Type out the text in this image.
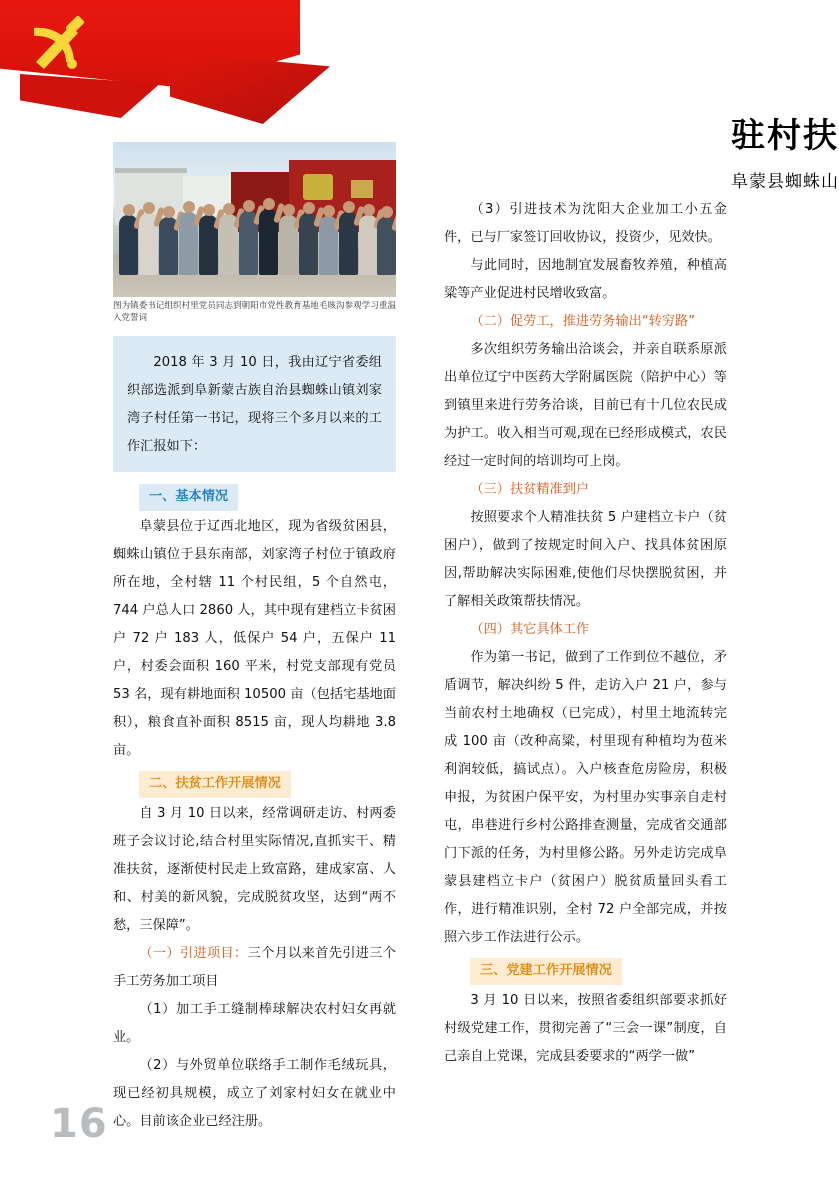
驻村扶
阜蒙县蜘蛛山
图为镇委书记组织村里党员同志到朝阳市党性教育基地毛咳沟参观学习重温入党誓词

2018 年 3 月 10 日，我由辽宁省委组织部选派到阜新蒙古族自治县蜘蛛山镇刘家湾子村任第一书记，现将三个多月以来的工作汇报如下：

一、基本情况

阜蒙县位于辽西北地区，现为省级贫困县，蜘蛛山镇位于县东南部，刘家湾子村位于镇政府所在地，全村辖 11 个村民组，5 个自然屯，744 户总人口 2860 人，其中现有建档立卡贫困户 72 户 183 人，低保户 54 户，五保户 11 户，村委会面积 160 平米，村党支部现有党员 53 名，现有耕地面积 10500 亩（包括宅基地面积），粮食直补面积 8515 亩，现人均耕地 3.8 亩。

二、扶贫工作开展情况

自 3 月 10 日以来，经常调研走访、村两委班子会议讨论,结合村里实际情况,直抓实干、精准扶贫，逐渐使村民走上致富路，建成家富、人和、村美的新风貌，完成脱贫攻坚，达到“两不愁，三保障”。

（一）引进项目：三个月以来首先引进三个手工劳务加工项目

（1）加工手工缝制棒球解决农村妇女再就业。

（2）与外贸单位联络手工制作毛绒玩具，现已经初具规模，成立了刘家村妇女在就业中心。目前该企业已经注册。

（3）引进技术为沈阳大企业加工小五金件，已与厂家签订回收协议，投资少，见效快。

与此同时，因地制宜发展畜牧养殖，种植高粱等产业促进村民增收致富。

（二）促劳工，推进劳务输出“转穷路”

多次组织劳务输出洽谈会，并亲自联系原派出单位辽宁中医药大学附属医院（陪护中心）等到镇里来进行劳务洽谈，目前已有十几位农民成为护工。收入相当可观,现在已经形成模式，农民经过一定时间的培训均可上岗。

（三）扶贫精准到户

按照要求个人精准扶贫 5 户建档立卡户（贫困户），做到了按规定时间入户、找具体贫困原因,帮助解决实际困难,使他们尽快摆脱贫困，并了解相关政策帮扶情况。

（四）其它具体工作

作为第一书记，做到了工作到位不越位，矛盾调节，解决纠纷 5 件，走访入户 21 户，参与当前农村土地确权（已完成），村里土地流转完成 100 亩（改种高粱，村里现有种植均为苞米利润较低，搞试点）。入户核查危房险房，积极申报，为贫困户保平安，为村里办实事亲自走村屯，串巷进行乡村公路排查测量，完成省交通部门下派的任务，为村里修公路。另外走访完成阜蒙县建档立卡户（贫困户）脱贫质量回头看工作，进行精准识别，全村 72 户全部完成，并按照六步工作法进行公示。

三、党建工作开展情况

3 月 10 日以来，按照省委组织部要求抓好村级党建工作，贯彻完善了“三会一课”制度，自己亲自上党课，完成县委要求的“两学一做”

16
